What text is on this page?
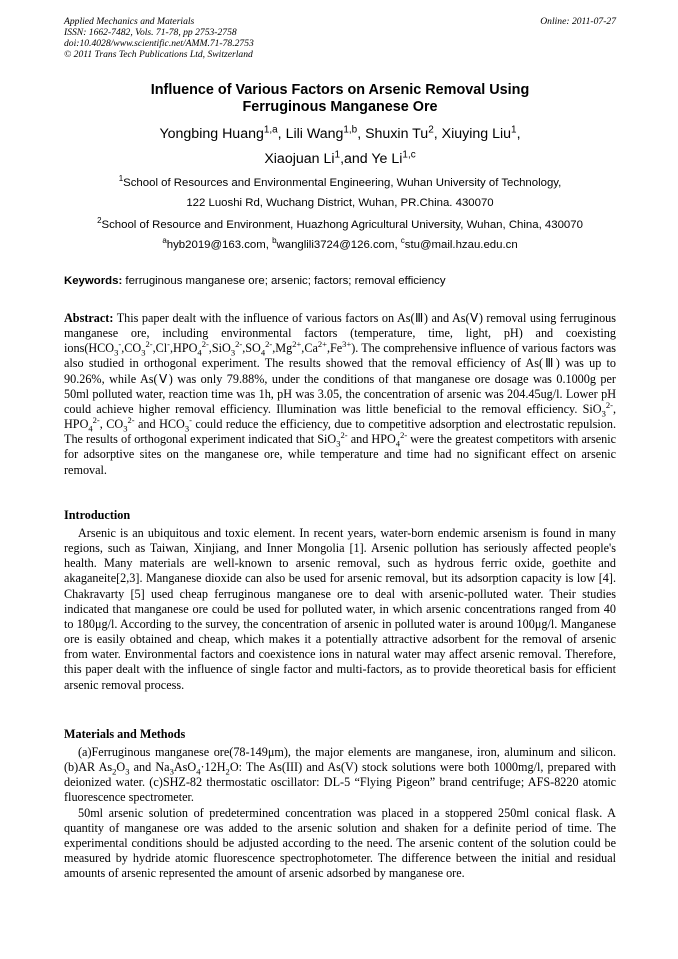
Applied Mechanics and Materials
ISSN: 1662-7482, Vols. 71-78, pp 2753-2758
doi:10.4028/www.scientific.net/AMM.71-78.2753
© 2011 Trans Tech Publications Ltd, Switzerland
Online: 2011-07-27
Influence of Various Factors on Arsenic Removal Using
Ferruginous Manganese Ore
Yongbing Huang$^{1,a}$, Lili Wang$^{1,b}$, Shuxin Tu$^2$, Xiuying Liu$^1$,
Xiaojuan Li$^1$,and Ye Li$^{1,c}$
$^1$School of Resources and Environmental Engineering, Wuhan University of Technology,
122 Luoshi Rd, Wuchang District, Wuhan, PR.China. 430070
$^2$School of Resource and Environment, Huazhong Agricultural University, Wuhan, China, 430070
$^a$hyb2019@163.com, $^b$wanglili3724@126.com, $^c$stu@mail.hzau.edu.cn
Keywords: ferruginous manganese ore; arsenic; factors; removal efficiency
Abstract: This paper dealt with the influence of various factors on As(Ⅲ) and As(Ⅴ) removal using ferruginous manganese ore, including environmental factors (temperature, time, light, pH) and coexisting $ions(HCO_3^-,CO_3^{2-},Cl^-,HPO_4^{2-},SiO_3^{2-},SO_4^{2-},Mg^{2+},Ca^{2+},Fe^{3+})$. The comprehensive influence of various factors was also studied in orthogonal experiment. The results showed that the removal efficiency of As(Ⅲ) was up to 90.26%, while As(Ⅴ) was only 79.88%, under the conditions of that manganese ore dosage was 0.1000g per 50ml polluted water, reaction time was 1h, pH was 3.05, the concentration of arsenic was 204.45ug/l. Lower pH could achieve higher removal efficiency. Illumination was little beneficial to the removal efficiency. SiO$_3^{2-}$, $HPO_4^{2-}$, $CO_3^{2-}$ and $HCO_3^-$ could reduce the efficiency, due to competitive adsorption and electrostatic repulsion. The results of orthogonal experiment indicated that SiO$_3^{2-}$ and $HPO_4^{2-}$ were the greatest competitors with arsenic for adsorptive sites on the manganese ore, while temperature and time had no significant effect on arsenic removal.
Introduction

Arsenic is an ubiquitous and toxic element. In recent years, water-born endemic arsenism is found in many regions, such as Taiwan, Xinjiang, and Inner Mongolia [1]. Arsenic pollution has seriously affected people's health. Many materials are well-known to arsenic removal, such as hydrous ferric oxide, goethite and akaganeite[2,3]. Manganese dioxide can also be used for arsenic removal, but its adsorption capacity is low [4]. Chakravarty [5] used cheap ferruginous manganese ore to deal with arsenic-polluted water. Their studies indicated that manganese ore could be used for polluted water, in which arsenic concentrations ranged from 40 to 180μg/l. According to the survey, the concentration of arsenic in polluted water is around 100μg/l. Manganese ore is easily obtained and cheap, which makes it a potentially attractive adsorbent for the removal of arsenic from water. Environmental factors and coexistence ions in natural water may affect arsenic removal. Therefore, this paper dealt with the influence of single factor and multi-factors, as to provide theoretical basis for efficient arsenic removal process.

Materials and Methods

(a)Ferruginous manganese ore(78-149μm), the major elements are manganese, iron, aluminum and silicon. (b)AR $As_2O_3$ and $Na_3AsO_4\cdot 12H_2O$: The As(III) and As(V) stock solutions were both 1000mg/l, prepared with deionized water. (c)SHZ-82 thermostatic oscillator: DL-5 “Flying Pigeon” brand centrifuge; AFS-8220 atomic fluorescence spectrometer.

50ml arsenic solution of predetermined concentration was placed in a stoppered 250ml conical flask. A quantity of manganese ore was added to the arsenic solution and shaken for a definite period of time. The experimental conditions should be adjusted according to the need. The arsenic content of the solution could be measured by hydride atomic fluorescence spectrophotometer. The difference between the initial and residual amounts of arsenic represented the amount of arsenic adsorbed by manganese ore.
